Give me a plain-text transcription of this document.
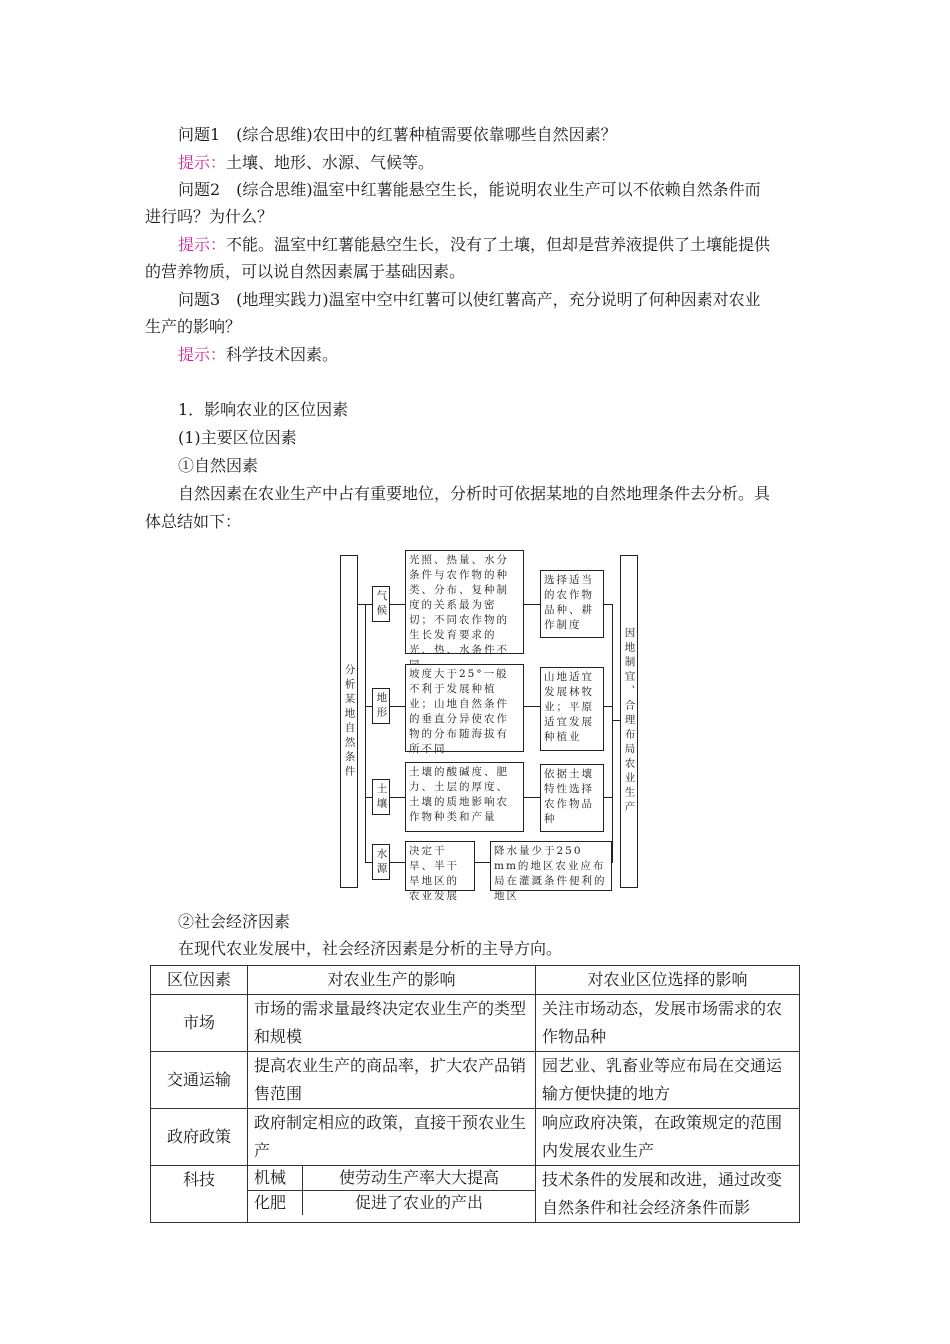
问题1　(综合思维)农田中的红薯种植需要依靠哪些自然因素？
提示：土壤、地形、水源、气候等。
问题2　(综合思维)温室中红薯能悬空生长，能说明农业生产可以不依赖自然条件而
进行吗？为什么？
提示：不能。温室中红薯能悬空生长，没有了土壤，但却是营养液提供了土壤能提供
的营养物质，可以说自然因素属于基础因素。
问题3　(地理实践力)温室中空中红薯可以使红薯高产，充分说明了何种因素对农业
生产的影响？
提示：科学技术因素。
1．影响农业的区位因素
(1)主要区位因素
①自然因素
自然因素在农业生产中占有重要地位，分析时可依据某地的自然地理条件去分析。具
体总结如下：
分析某地自然条件	因地制宜、合理布局农业生产
气候
地形
土壤
水源
光照、热量、水分条件与农作物的种类、分布、复种制度的关系最为密切；不同农作物的生长发育要求的光、热、水条件不
坡度大于25°一般不利于发展种植业；山地自然条件的垂直分异使农作物的分布随海拔有所不同
土壤的酸碱度、肥力、土层的厚度、土壤的质地影响农作物种类和产量
决定干旱、半干旱地区的农业发展
选择适当的农作物品种、耕作制度
山地适宜发展林牧业；平原适宜发展种植业
依据土壤特性选择农作物品种
降水量少于250 mm的地区农业应布局在灌溉条件便利的地区
②社会经济因素
在现代农业发展中，社会经济因素是分析的主导方向。
区位因素	对农业生产的影响	对农业区位选择的影响
市场	市场的需求量最终决定农业生产的类型和规模	关注市场动态，发展市场需求的农作物品种
交通运输	提高农业生产的商品率，扩大农产品销售范围	园艺业、乳畜业等应布局在交通运输方便快捷的地方
政府政策	政府制定相应的政策，直接干预农业生产	响应政府决策，在政策规定的范围内发展农业生产
科技	机械	使劳动生产率大大提高
化肥	促进了农业的产出
	技术条件的发展和改进，通过改变自然条件和社会经济条件而影
